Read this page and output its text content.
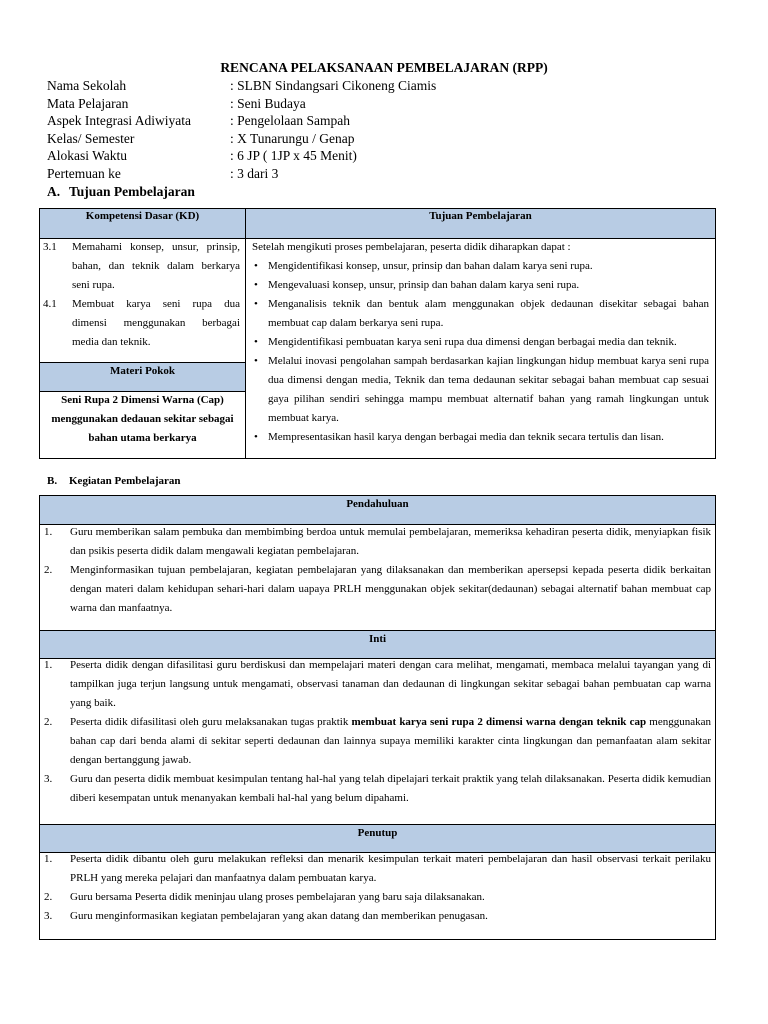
RENCANA PELAKSANAAN PEMBELAJARAN (RPP)
Nama Sekolah	: SLBN Sindangsari Cikoneng Ciamis
Mata Pelajaran	: Seni Budaya
Aspek Integrasi Adiwiyata	: Pengelolaan Sampah
Kelas/ Semester	: X Tunarungu / Genap
Alokasi Waktu	: 6 JP ( 1JP x 45 Menit)
Pertemuan ke	: 3 dari 3
A. Tujuan Pembelajaran
Kompetensi Dasar (KD)	Tujuan Pembelajaran
3.1	Memahami konsep, unsur, prinsip, bahan, dan teknik dalam berkarya seni rupa.
4.1	Membuat karya seni rupa dua dimensi menggunakan berbagai media dan teknik.
Materi Pokok
Seni Rupa 2 Dimensi Warna (Cap) menggunakan dedauan sekitar sebagai bahan utama berkarya
Setelah mengikuti proses pembelajaran, peserta didik diharapkan dapat :
• Mengidentifikasi konsep, unsur, prinsip dan bahan dalam karya seni rupa.
• Mengevaluasi konsep, unsur, prinsip dan bahan dalam karya seni rupa.
• Menganalisis teknik dan bentuk alam menggunakan objek dedaunan disekitar sebagai bahan membuat cap dalam berkarya seni rupa.
• Mengidentifikasi pembuatan karya seni rupa dua dimensi dengan berbagai media dan teknik.
• Melalui inovasi pengolahan sampah berdasarkan kajian lingkungan hidup membuat karya seni rupa dua dimensi dengan media, Teknik dan tema dedaunan sekitar sebagai bahan membuat cap sesuai gaya pilihan sendiri sehingga mampu membuat alternatif bahan yang ramah lingkungan untuk membuat karya.
• Mempresentasikan hasil karya dengan berbagai media dan teknik secara tertulis dan lisan.
B. Kegiatan Pembelajaran
Pendahuluan
1.	Guru memberikan salam pembuka dan membimbing berdoa untuk memulai pembelajaran, memeriksa kehadiran peserta didik, menyiapkan fisik dan psikis peserta didik dalam mengawali kegiatan pembelajaran.
2.	Menginformasikan tujuan pembelajaran, kegiatan pembelajaran yang dilaksanakan dan memberikan apersepsi kepada peserta didik berkaitan dengan materi dalam kehidupan sehari-hari dalam uapaya PRLH menggunakan objek sekitar(dedaunan) sebagai alternatif bahan membuat cap warna dan manfaatnya.
Inti
1.	Peserta didik dengan difasilitasi guru berdiskusi dan mempelajari materi dengan cara melihat, mengamati, membaca melalui tayangan yang di tampilkan juga terjun langsung untuk mengamati, observasi tanaman dan dedaunan di lingkungan sekitar sebagai bahan pembuatan cap warna yang baik.
2.	Peserta didik difasilitasi oleh guru melaksanakan tugas praktik membuat karya seni rupa 2 dimensi warna dengan teknik cap menggunakan bahan cap dari benda alami di sekitar seperti dedaunan dan lainnya supaya memiliki karakter cinta lingkungan dan pemanfaatan alam sekitar dengan bertanggung jawab.
3.	Guru dan peserta didik membuat kesimpulan tentang hal-hal yang telah dipelajari terkait praktik yang telah dilaksanakan. Peserta didik kemudian diberi kesempatan untuk menanyakan kembali hal-hal yang belum dipahami.
Penutup
1.	Peserta didik dibantu oleh guru melakukan refleksi dan menarik kesimpulan terkait materi pembelajaran dan hasil observasi terkait perilaku PRLH yang mereka pelajari dan manfaatnya dalam pembuatan karya.
2.	Guru bersama Peserta didik meninjau ulang proses pembelajaran yang baru saja dilaksanakan.
3.	Guru menginformasikan kegiatan pembelajaran yang akan datang dan memberikan penugasan.
